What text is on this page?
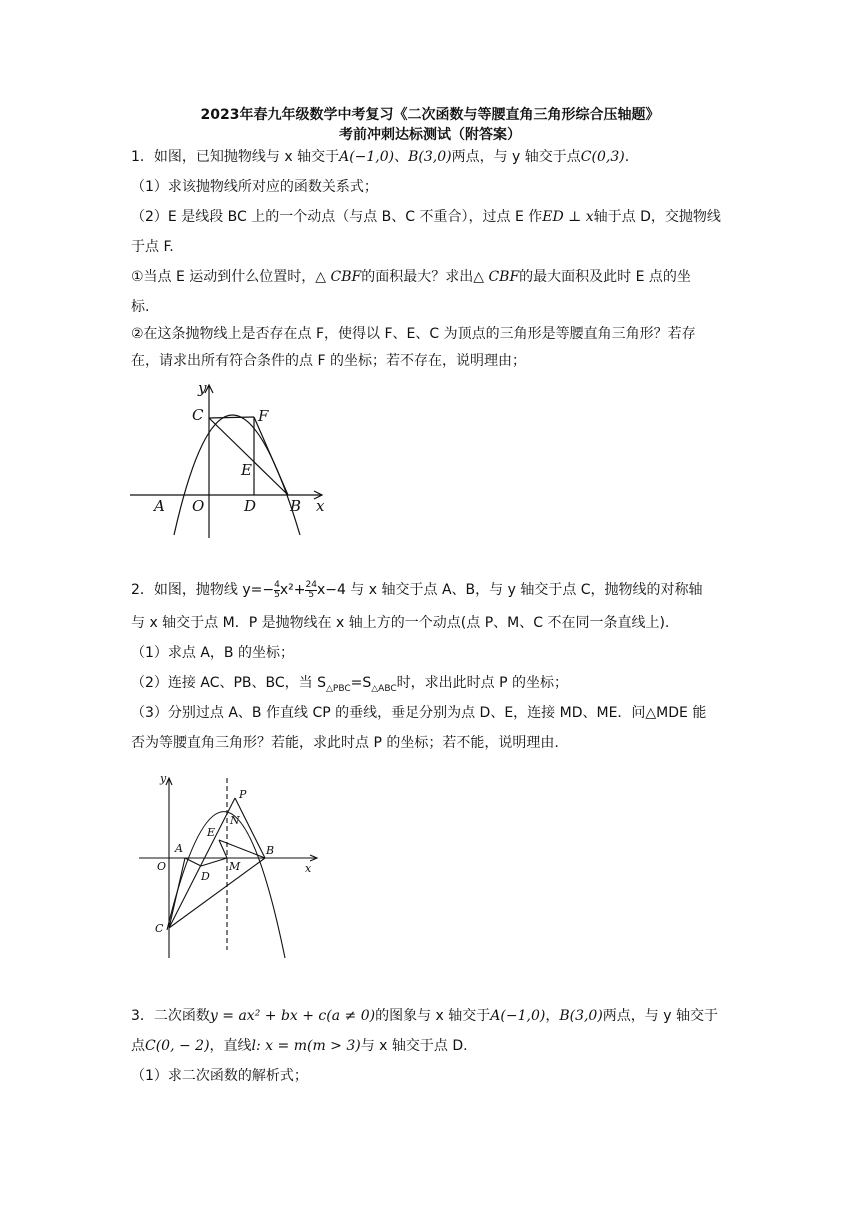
2023年春九年级数学中考复习《二次函数与等腰直角三角形综合压轴题》
考前冲刺达标测试（附答案）
1．如图，已知抛物线与 x 轴交于A(−1,0)、B(3,0)两点，与 y 轴交于点C(0,3).
（1）求该抛物线所对应的函数关系式；
（2）E 是线段 BC 上的一个动点（与点 B、C 不重合），过点 E 作ED ⊥ x轴于点 D，交抛物线
于点 F.
①当点 E 运动到什么位置时，△ CBF的面积最大？求出△ CBF的最大面积及此时 E 点的坐
标.
②在这条抛物线上是否存在点 F，使得以 F、E、C 为顶点的三角形是等腰直角三角形？若存
在，请求出所有符合条件的点 F 的坐标；若不存在，说明理由；
y
x
C	F
E
A O	D B
2．如图，抛物线 $y=- \frac{4}{5} x^2+ \frac{24}{5} x-4$ 与 x 轴交于点 A、B，与 y 轴交于点 C，抛物线的对称轴
与 x 轴交于点 M．P 是抛物线在 x 轴上方的一个动点(点 P、M、C 不在同一条直线上).
（1）求点 A，B 的坐标；
（2）连接 AC、PB、BC，当 $S_{\triangle PBC}=S_{\triangle ABC}$时，求出此时点 P 的坐标；
（3）分别过点 A、B 作直线 CP 的垂线，垂足分别为点 D、E，连接 MD、ME．问△MDE 能
否为等腰直角三角形？若能，求此时点 P 的坐标；若不能，说明理由.
y
x
P
N
E
A	B
O
D
M
C
3．二次函数y = ax² + bx + c(a ≠ 0)的图象与 x 轴交于A(−1,0)，B(3,0)两点，与 y 轴交于
点C(0, − 2)，直线l: x = m(m > 3)与 x 轴交于点 D.
（1）求二次函数的解析式；
